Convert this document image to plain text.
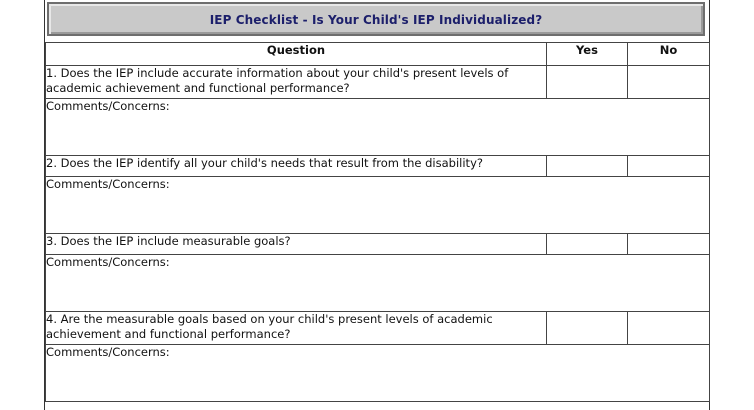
IEP Checklist - Is Your Child's IEP Individualized?
Question	Yes	No
1. Does the IEP include accurate information about your child's present levels of academic achievement and functional performance?		
Comments/Concerns:		
2. Does the IEP identify all your child's needs that result from the disability?		
Comments/Concerns:		
3. Does the IEP include measurable goals?		
Comments/Concerns:		
4. Are the measurable goals based on your child's present levels of academic achievement and functional performance?		
Comments/Concerns:		
